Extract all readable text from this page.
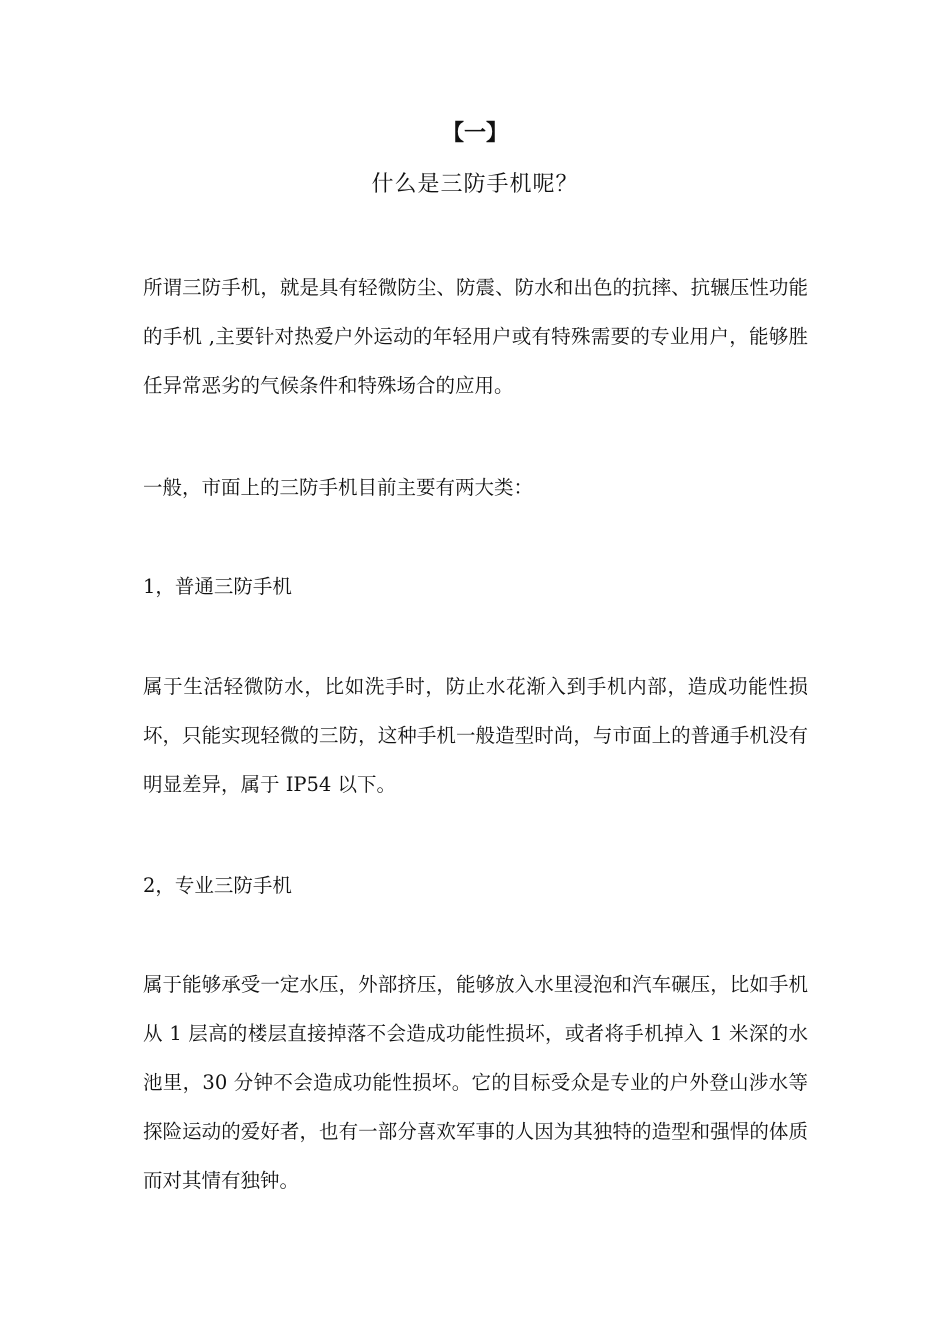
【一】
什么是三防手机呢？

所谓三防手机，就是具有轻微防尘、防震、防水和出色的抗摔、抗辗压性功能的手机 ,主要针对热爱户外运动的年轻用户或有特殊需要的专业用户，能够胜任异常恶劣的气候条件和特殊场合的应用。

一般，市面上的三防手机目前主要有两大类：

1，普通三防手机

属于生活轻微防水，比如洗手时，防止水花渐入到手机内部，造成功能性损坏，只能实现轻微的三防，这种手机一般造型时尚，与市面上的普通手机没有明显差异，属于 IP54 以下。

2，专业三防手机

属于能够承受一定水压，外部挤压，能够放入水里浸泡和汽车碾压，比如手机从 1 层高的楼层直接掉落不会造成功能性损坏，或者将手机掉入 1 米深的水池里，30 分钟不会造成功能性损坏。它的目标受众是专业的户外登山涉水等探险运动的爱好者，也有一部分喜欢军事的人因为其独特的造型和强悍的体质而对其情有独钟。
